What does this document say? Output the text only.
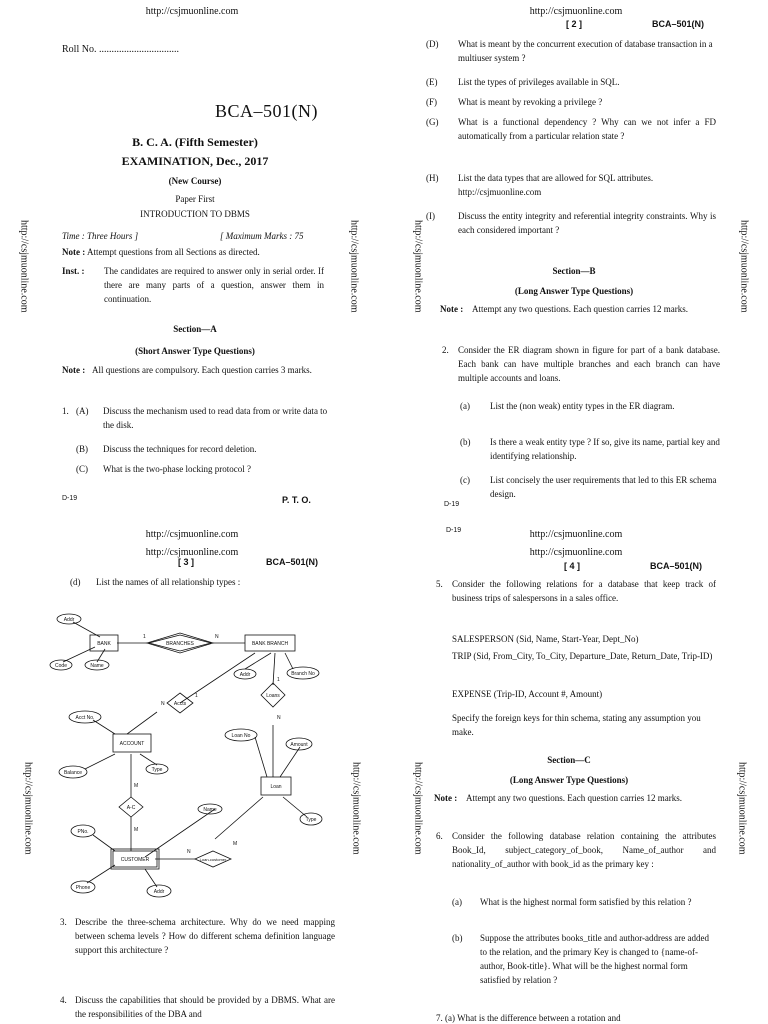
http://csjmuonline.com
Roll No. ................................
BCA–501(N)
B. C. A. (Fifth Semester)
EXAMINATION, Dec., 2017
(New Course)
Paper First
INTRODUCTION TO DBMS
Time : Three Hours ]	[ Maximum Marks : 75
Note : Attempt questions from all Sections as directed.
Inst. : The candidates are required to answer only in serial order. If there are many parts of a question, answer them in continuation.
Section—A
(Short Answer Type Questions)
Note : All questions are compulsory. Each question carries 3 marks.
1. (A) Discuss the mechanism used to read data from or write data to the disk.
(B) Discuss the techniques for record deletion.
(C) What is the two-phase locking protocol ?
D-19	P. T. O.
http://csjmuonline.com	http://csjmuonline.com
http://csjmuonline.com
[ 2 ]	BCA–501(N)
(D) What is meant by the concurrent execution of database transaction in a multiuser system ?
(E) List the types of privileges available in SQL.
(F) What is meant by revoking a privilege ?
(G) What is a functional dependency ? Why can we not infer a FD automatically from a particular relation state ?
(H) List the data types that are allowed for SQL attributes. http://csjmuonline.com
(I)	Discuss the entity integrity and referential integrity constraints. Why is each considered important ?
Section—B
(Long Answer Type Questions)
Note : Attempt any two questions. Each question carries 12 marks.
2. Consider the ER diagram shown in figure for part of a bank database. Each bank can have multiple branches and each branch can have multiple accounts and loans.
(a) List the (non weak) entity types in the ER diagram.
(b) Is there a weak entity type ? If so, give its name, partial key and identifying relationship.
(c) List concisely the user requirements that led to this ER schema design.
D-19
http://csjmuonline.com	http://csjmuonline.com
http://csjmuonline.com
http://csjmuonline.com
[ 3 ]	BCA–501(N)
(d) List the names of all relationship types :
Addr
BANK	BRANCHES	BANK BRANCH
Code	Name
Addr	Branch No
Acct No.
Accts
ACCOUNT
Loans
Balance	Type
Loan No
Amount
A-C
Loan
Name
PNo.
Type
CUSTOMER	Loan-customer
Phone
Addr
1	N
1
N
1
N
M
M
N
M
3. Describe the three-schema architecture. Why do we need mapping between schema levels ? How do different schema definition language support this architecture ?
4. Discuss the capabilities that should be provided by a DBMS. What are the responsibilities of the DBA and
http://csjmuonline.com	http://csjmuonline.com
http://csjmuonline.com
http://csjmuonline.com
D-19
[ 4 ]	BCA–501(N)
5. Consider the following relations for a database that keep track of business trips of salespersons in a sales office.
SALESPERSON (Sid, Name, Start-Year, Dept_No)
TRIP (Sid, From_City, To_City, Departure_Date, Return_Date, Trip-ID)
EXPENSE (Trip-ID, Account #, Amount)
Specify the foreign keys for thin schema, stating any assumption you make.
Section—C
(Long Answer Type Questions)
Note : Attempt any two questions. Each question carries 12 marks.
6. Consider the following database relation containing the attributes Book_Id, subject_category_of_book, Name_of_author and nationality_of_author with book_id as the primary key :
(a) What is the highest normal form satisfied by this relation ?
(b) Suppose the attributes books_title and author-address are added to the relation, and the primary Key is changed to {name-of-author, Book-title}. What will be the highest normal form satisfied by relation ?
7. (a) What is the difference between a rotation and
http://csjmuonline.com	http://csjmuonline.com
